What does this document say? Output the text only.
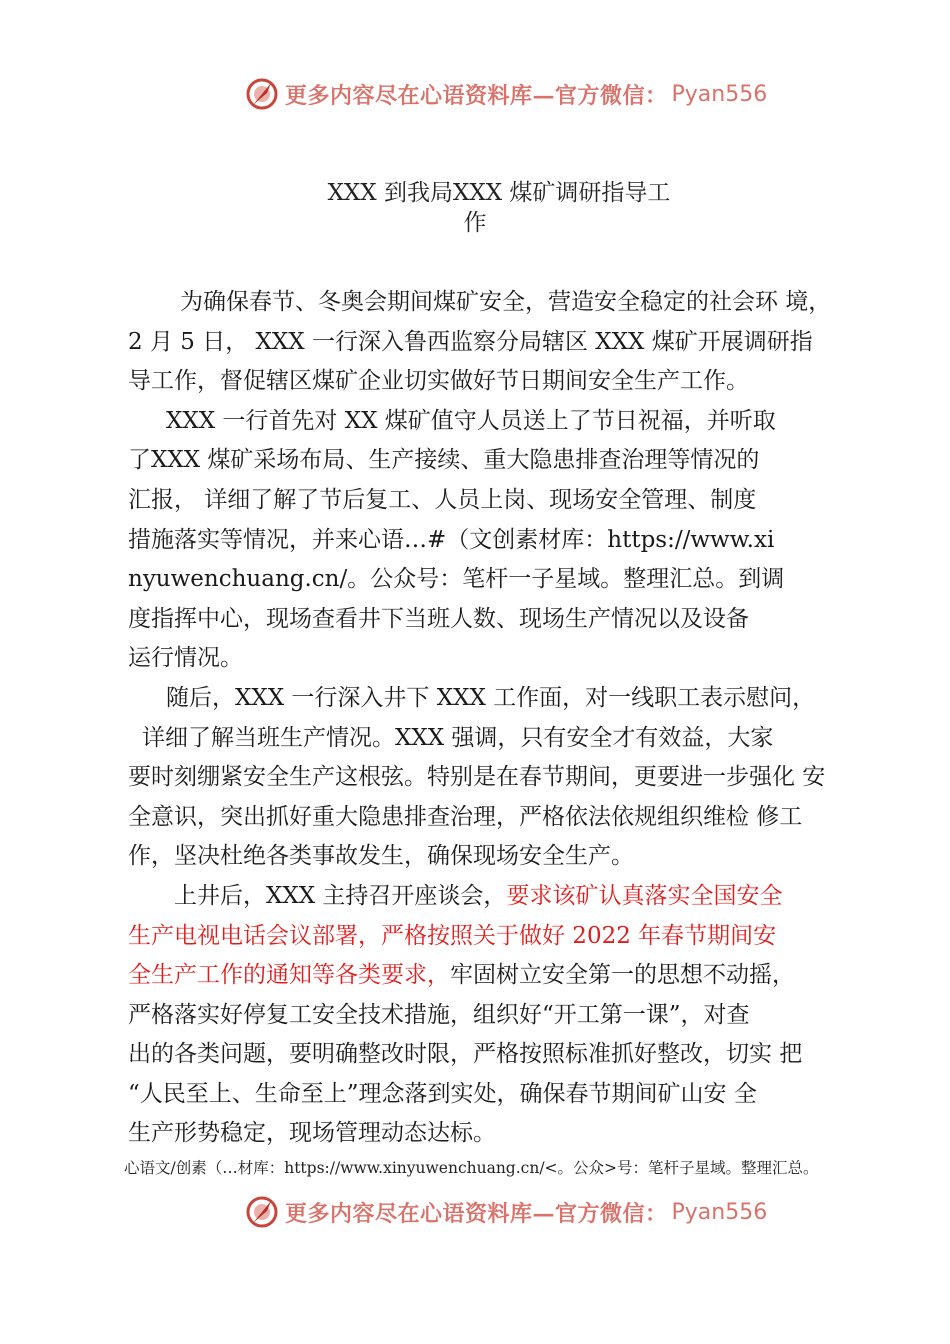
更多内容尽在心语资料库—官方微信： Pyan556
XXX 到我局XXX 煤矿调研指导工
作
为确保春节、冬奥会期间煤矿安全，营造安全稳定的社会环 境，
2 月 5 日， XXX 一行深入鲁西监察分局辖区 XXX 煤矿开展调研指
导工作，督促辖区煤矿企业切实做好节日期间安全生产工作。
XXX 一行首先对 XX 煤矿值守人员送上了节日祝福，并听取
了XXX 煤矿采场布局、生产接续、重大隐患排查治理等情况的
汇报， 详细了解了节后复工、人员上岗、现场安全管理、制度
措施落实等情况，并来心语…#（文创素材库：https://www.xi
nyuwenchuang.cn/。公众号：笔杆一子星域。整理汇总。到调
度指挥中心，现场查看井下当班人数、现场生产情况以及设备
运行情况。
随后，XXX 一行深入井下 XXX 工作面，对一线职工表示慰问，
详细了解当班生产情况。XXX 强调，只有安全才有效益，大家
要时刻绷紧安全生产这根弦。特别是在春节期间，更要进一步强化 安
全意识，突出抓好重大隐患排查治理，严格依法依规组织维检 修工
作，坚决杜绝各类事故发生，确保现场安全生产。
上井后，XXX 主持召开座谈会，要求该矿认真落实全国安全
生产电视电话会议部署，严格按照关于做好 2022 年春节期间安
全生产工作的通知等各类要求，牢固树立安全第一的思想不动摇，
严格落实好停复工安全技术措施，组织好“开工第一课”，对查
出的各类问题，要明确整改时限，严格按照标准抓好整改，切实 把
“人民至上、生命至上”理念落到实处，确保春节期间矿山安 全
生产形势稳定，现场管理动态达标。
心语文/创素（…材库：https://www.xinyuwenchuang.cn/<。公众>号：笔杆子星域。整理汇总。
更多内容尽在心语资料库—官方微信： Pyan556
